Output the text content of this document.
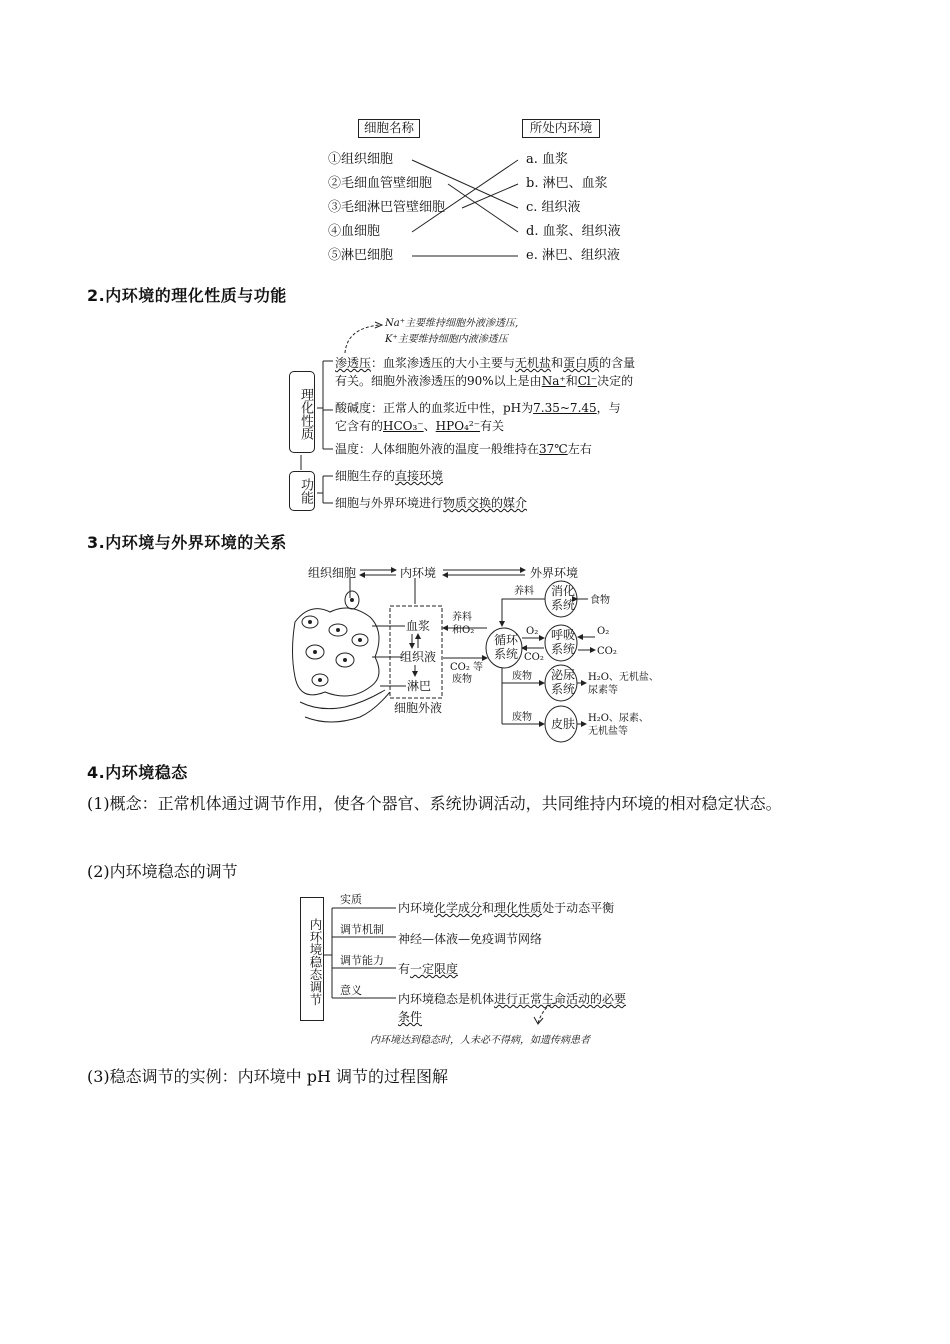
细胞名称	所处内环境
①组织细胞
②毛细血管壁细胞
③毛细淋巴管壁细胞
④血细胞
⑤淋巴细胞
a. 血浆
b. 淋巴、血浆
c. 组织液
d. 血浆、组织液
e. 淋巴、组织液
2.内环境的理化性质与功能
Na⁺主要维持细胞外液渗透压,
K⁺主要维持细胞内液渗透压
理化性质
功能
渗透压：血浆渗透压的大小主要与无机盐和蛋白质的含量
有关。细胞外液渗透压的90%以上是由Na⁺和Cl⁻决定的
酸碱度：正常人的血浆近中性，pH为7.35~7.45，与
它含有的HCO₃⁻、HPO₄²⁻有关
温度：人体细胞外液的温度一般维持在37℃左右
细胞生存的直接环境
细胞与外界环境进行物质交换的媒介
3.内环境与外界环境的关系
组织细胞	内环境	外界环境
血浆
组织液
淋巴
细胞外液
循环
系统
消化
系统
呼吸
系统
泌尿
系统
皮肤
养料
和O₂
CO₂ 等
废物
养料
食物
O₂
CO₂
O₂
CO₂
废物	H₂O、无机盐、
尿素等
废物	H₂O、尿素、
无机盐等
4.内环境稳态
(1)概念：正常机体通过调节作用，使各个器官、系统协调活动，共同维持内环境的相对稳定状态。
(2)内环境稳态的调节
内环境稳态调节
内环境达到稳态时，人未必不得病，如遗传病患者
实质
调节机制
调节能力
意义
内环境化学成分和理化性质处于动态平衡
神经—体液—免疫调节网络
有一定限度
内环境稳态是机体进行正常生命活动的必要
条件
(3)稳态调节的实例：内环境中 pH 调节的过程图解
